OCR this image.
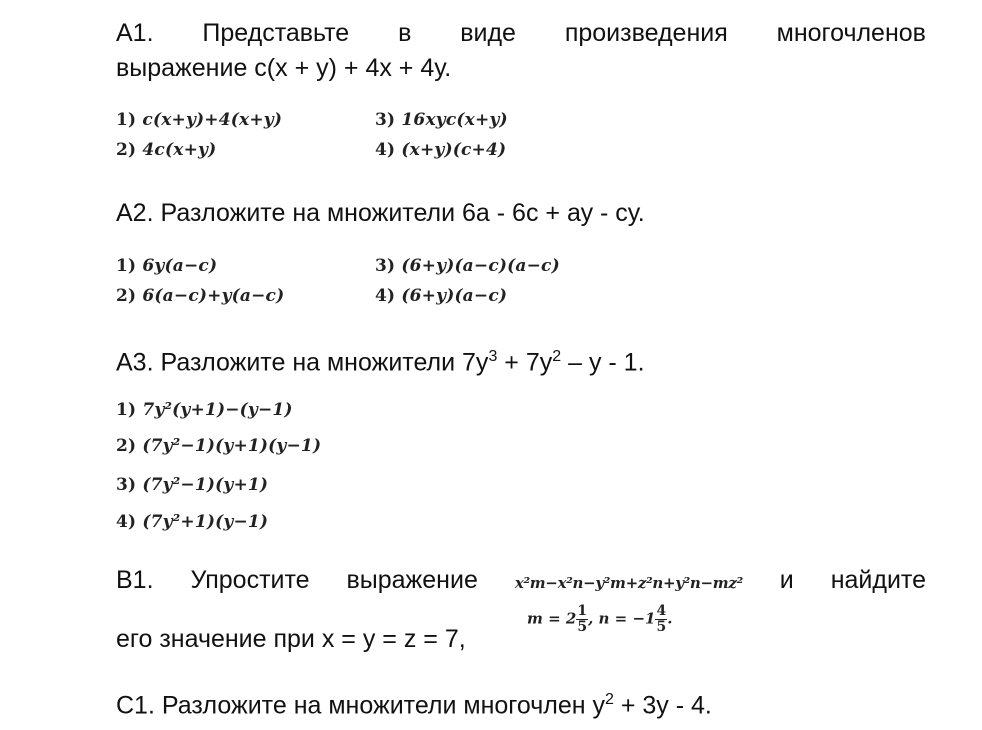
А1. Представьте в виде произведения многочленов
выражение с(х + у) + 4х + 4у.
1) c(x+y)+4(x+y)	3) 16xyc(x+y)
2) 4c(x+y)	4) (x+y)(c+4)
А2. Разложите на множители 6а - 6с + ау - су.
1) 6y(a−c)	3) (6+y)(a−c)(a−c)
2) 6(a−c)+y(a−c)	4) (6+y)(a−c)
А3. Разложите на множители $7у^3 + 7у^2 - у - 1$.
1) 7y²(y+1)−(y−1)
2) (7y²−1)(y+1)(y−1)
3) (7y²−1)(y+1)
4) (7y²+1)(y−1)
В1. Упростите выражение x²m−x²n−y²m+z²n+y²n−mz² и найдите
его значение при х = у = z = 7,
$m = 2 \frac{1}{5}$ , $n = -1 \frac{4}{5}$ .
С1. Разложите на множители многочлен $у^2 + 3у - 4$.
